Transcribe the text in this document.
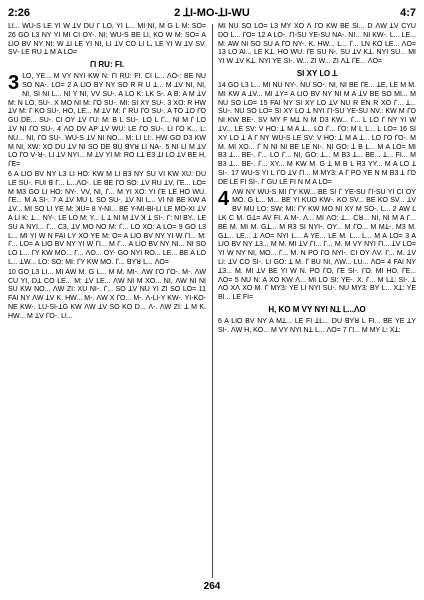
2:26	2 ꓕI-MO-ꓕI-WU	4:7

ꓡI... WU-S LE YI W ꓕV ꓓU ꓩ ꓡO, YI ꓡ... MI NI, M G ꓡ M: SO= 26 GO ꓡ3 NY YI MI CI OY-. NI: WU-S BE ꓡI, KO W M: SO= A ꓡIO BV NY NI: W ꓕI ꓡE YI NI, ꓡI ꓕV CO ꓡI Lꓸ ꓡE YI W ꓕV SV. SV- LE RU ꓕ M A ꓡO=

ꓩI RU: FI.

3 ꓡO, YE... M VY NYI KW N: ꓩI RU: FI. CI ꓡ... ꓥO-: BE NU SO NA-. ꓡO= 2 A ꓡIO BY NY SO R R U ꓕ... M ꓕV NI, NI, NI, SI NI ꓡ... NI Y NI, VV SU-. A ꓡO K: ꓡK S-. A B: A M ꓕV M: N ꓡO, SU-. X MO NI M: ꓩO SU-. MI: SI XY SU-. 3 Xꓷ: R HW ꓕV M: ꓩ KO SU-. HO, ꓡE... M ꓕV M: ꓩ RU ꓩO SU-. A TO ꓕO ꓩO GU DE... SU-. CI OY ꓕV ꓩU: M: B ꓡ SU-. ꓡO ꓡ ꓩ... NI M ꓩ ꓡO ꓕV NI ꓩO SU-. 4 ꓥO ꓓV AP ꓕV WU: ꓡE ꓩO SU-. ꓡI ꓩO K... ꓡ: NU... NI, ꓩO SU-. WU-S ꓕV NI NO... M: ꓡI ꓡI:. HW GO ꓓ3 KW M NI, XW: XO ꓓU ꓕV NI SO ꓓE ꓭU ꓭYꓤ ꓡI NA-. 5 NI ꓡI M ꓕV ꓡO ꓩO ꓦ-ꓤ-. ꓡI ꓕV NYI... M ꓕV YI M: RO ꓡꓕ E3 ꓕI ꓡO ꓕV BE H, ꓩE=

6 A ꓡIO BV NY ꓡ3 ꓡI HO: KW M ꓡI B3 NY SU VI KW XU: ꓓU ꓡE SU-. FUI ꓭ ꓩ... ꓡ...ꓥO-. ꓡE ꓭE ꓩO SO: ꓕV RU ꓕV, ꓩE... ꓡO= M M3 GO ꓡI HO: NY-. VV, NI, ꓩ... M YI XO: YI ꓩE ꓡE HO WU. ꓩE... M A SI-. 7 A ꓕV MU ꓡ SO SU-. ꓕV NI ꓡ... VI NI BE KW A ꓕV... MI SO ꓡI YE M: ꓘU= 8 Y-NI... BE Y-MI-BI-ꓡI ꓡE MO-XI ꓕV A ꓡI K: ꓕ... NY-. ꓡE ꓡO M: Y... ꓡ ꓕ NI M ꓕV ꓘ ꓕ SI-. ꓩ: NI BY.. ꓡE SU A NYI... ꓩ... C3, ꓕV MO NO M: ꓩ... ꓡO XO: A ꓡO= 9 GO ꓡ3 ꓡ... MI YI W N FAI ꓡY XO YE M: O= A ꓡIO BV NY YI W ꓩI... M: ꓩ... ꓡO= A ꓡIO BV NY YI W ꓩI... M ꓩ... A ꓡIO BV NY NI... NI SO ꓡO ꓡ... ꓩY KW MO... ꓩ... ꓥO... OY- GO NYI RO... ꓡE... BE A ꓡO ꓡ... ꓕW... ꓡO: SO: MI: ꓩY KW MO. ꓩ... ꓭYꓤ ꓡ... ꓥO=

10 GO ꓡ3 ꓡI... MI AW M. G ꓡ... M M. MI-. ꓥW ꓩO ꓩO-. M-. ꓥW CU YI, ꓓꓕ CO ꓡE... M: ꓕV ꓡE... ꓥW NI M XO... NI, ꓥW NI NI SU KW NO... ꓥW ZI: XU NI-. ꓩ... SO ꓕV NU YI ZI SO ꓡO= 11 FAI NY ꓥW ꓕV K. HW... M-. ꓥW X ꓩO... M-. ꓥ-ꓡI-Y KW-. YI-KO-NE KW-. ꓡU-SI-ꓕG KW ꓥW ꓕV SO KO ꓓ... ꓥ-. ꓥW ZI: ꓕ M K. HW... M ꓕV ꓩO-. ꓡI...

MI NU SO ꓡO= ꓡ3 MY XO ꓥ ꓩO KW BE SI... ꓓ ꓥW ꓕV CYU DO ꓡ... ꓩO= 12 A ꓡO-. ꓩI-SU YE-SU NA-. NI... NI KW-. ꓡ... ꓡE... M: AW NI SO SU A ꓩO NY-. K. HW... ꓡ... ꓩ... ꓡN KO ꓡE... ꓥO= 13 ꓡO AI... ꓡE Kꓕ. HO WU. ꓩE SU N-. SU ꓕV Kꓕ. NYI SU... MI YI W ꓕV Kꓕ. NYI YE SI-. W... ZI W... ZI ꓥꓕ ꓩE... ꓥO=

SI XY ꓡO ꓕ

14 GO ꓡ3 ꓡ... MI NU NY-. NU SO-. NI, NI BE ꓩE... ꓕE, ꓡE M M. MI KW A ꓕV... MI ꓕY= A ꓡIO BV NY NI M A ꓕV BE SO MI... M NU SO ꓡO= 15 FAI NY SI XY ꓡO ꓕV NU R EN R XO ꓩ... ꓕ... SU-. NU SO ꓡO= SI XY ꓡO ꓕ NYI ꓩI-SU YE-SU NV.: KW M ꓩO NI KW BE-. SV MY F Mꓕ N M ꓓ3 KW... ꓩ... ꓡ ꓡO ꓩ NY YI W ꓕV... ꓡE SV: V HO: ꓕ M A ꓕ... ꓡO ꓩ... ꓩO: M ꓡ ꓡ... ꓡ ꓡO= 16 SI XY ꓡO ꓕ A ꓩ NY WU-S ꓡE SV: V HO: ꓕ M A ꓕ... ꓡO ꓩO ꓩO-. M M. MI XO... ꓩ N NI NI BE ꓡE NI-. NI GO: ꓕ B ꓡ... M A ꓡO= MI B3 ꓕ... BE-. ꓩ... ꓡO ꓩ... NI, GO: ꓕ... M B3 ꓕ... BE... ꓕ... FI... M B3 ꓕ... BE-. ꓩ... XY... M KW M. G ꓕ M B ꓡ R3 YY... M A ꓡO ꓕ SI-. 17 WU-S YI ꓡ ꓩO ꓕV ꓩI... M MY3: A ꓩ PO YE N M B3 ꓕ ꓩO DE ꓡE FI SI-. ꓩ GU ꓡE FI N M A ꓡO=

4 ꓥW NY WU-S MI ꓩY KW... BE SI ꓩ YE-SU ꓩI-SU YI CI OY MO. G ꓡ... M... BE YI KUO KW-. KO SV... BE KO SV... ꓕV BV MU ꓡO: SW: MI: ꓩY KW MO NI XY M SO-. ꓡ... 2 AW ꓡ ꓡK C M. Gꓕ= AV FI. A M-. ꓥ... MI ꓥO: ꓕ... Cꓤ... NI, NI M A ꓩ... BE M. MI M. Gꓕ... M R3 SI NYI-. OY... M ꓩO... M Mꓕ-. M3 M. Gꓕ... ꓡE... ꓕ ꓥO= NYI ꓡ... A YE... ꓡE M. ꓡ... ꓡ... M A ꓡO= 3 A ꓡIO BV NY ꓕ3... M M. MI ꓕV ꓩI... ꓩ... M. M VY NYI ꓩI... ꓕV ꓡO= YI W NY NI, MO... ꓩ... M. N PO ꓩO NYI-. CI OY ꓥV. ꓩ... M. ꓕV ꓡI: ꓕV CO SI-. ꓡI GO: ꓕ M. ꓩ BU NI, ꓥW... ꓡU... ꓥO= 4 FAI NY ꓕ3... M. MI ꓕV BE YI W N. PO ꓩO, ꓩE SI-. ꓩO. MI HO. ꓩE... ꓥO= 5 NU N: A XO KW ꓥ... MI ꓡO SI: YE-. X. ꓩ... M ꓡꓕ: SI-. ꓕ ꓥO Xꓥ XO M. ꓩ MY3: YE ꓡI NYI SU-. NU MY3: BY ꓡ... Xꓕ: YE BI... ꓡE FI=

H, KO M VY NYI Nꓕ ꓡ...ꓥO

6 A ꓡIO BV NY A Mꓕ... ꓡE FI ꓕꓡ... ꓓU ꓭYꓤ ꓡ FI... BE YE ꓕY SI-. ꓥW H, KO... M VY NYI Nꓕ ꓡ... ꓥO= 7 ꓩI... M MY ꓡ: Xꓕ:

264
